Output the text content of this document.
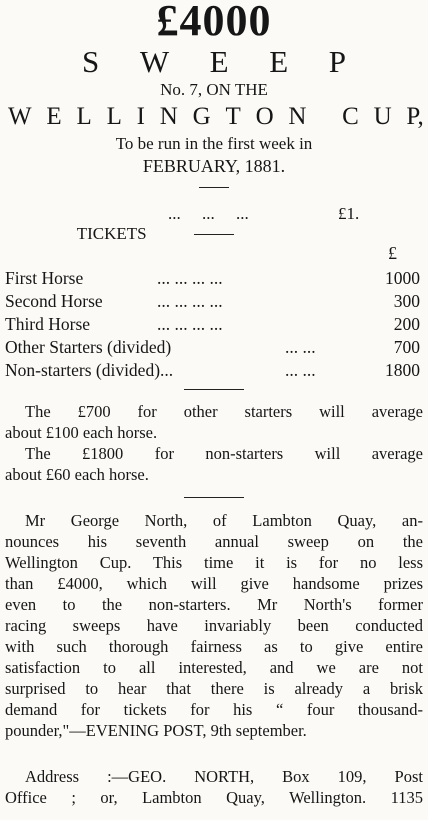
£4000
S W E E P
No. 7, ON THE
W E L L I N G T O N C U P,
To be run in the first week in
FEBRUARY, 1881.

TICKETS

...     ...     ...

	£1.

£
First Horse	... ... ... ...	1000
Second Horse	... ... ... ...	300
Third Horse	... ... ... ...	200
Other Starters (divided)	... ...	700
Non-starters (divided)...	... ...	1800
The £700 for other starters will average
about £100 each horse.
The £1800 for non-starters will average
about £60 each horse.
Mr George North, of Lambton Quay, an-
nounces his seventh annual sweep on the
Wellington Cup. This time it is for no less
than £4000, which will give handsome prizes
even to the non-starters. Mr North's former
racing sweeps have invariably been conducted
with such thorough fairness as to give entire
satisfaction to all interested, and we are not
surprised to hear that there is already a brisk
demand for tickets for his “ four thousand-
pounder,"—EVENING POST, 9th september.
Address :—GEO. NORTH, Box 109, Post
Office ; or, Lambton Quay, Wellington. 1135
